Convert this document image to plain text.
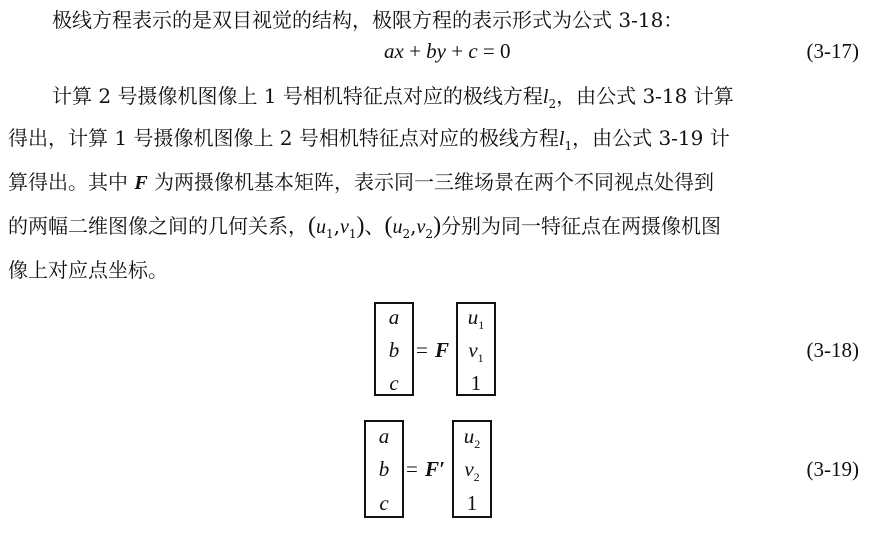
极线方程表示的是双目视觉的结构，极限方程的表示形式为公式 3-18：
ax + by + c = 0	(3-17)
计算 2 号摄像机图像上 1 号相机特征点对应的极线方程$l_2$，由公式 3-18 计算
得出，计算 1 号摄像机图像上 2 号相机特征点对应的极线方程$l_1$，由公式 3-19 计
算得出。其中 F 为两摄像机基本矩阵，表示同一三维场景在两个不同视点处得到
的两幅二维图像之间的几何关系，$(u_1,v_1)$、$(u_2,v_2)$分别为同一特征点在两摄像机图
像上对应点坐标。
a
b
c
= F
$u_1$
$v_1$
1
(3-18)
a
b
c
= F′
$u_2$
$v_2$
1
(3-19)
